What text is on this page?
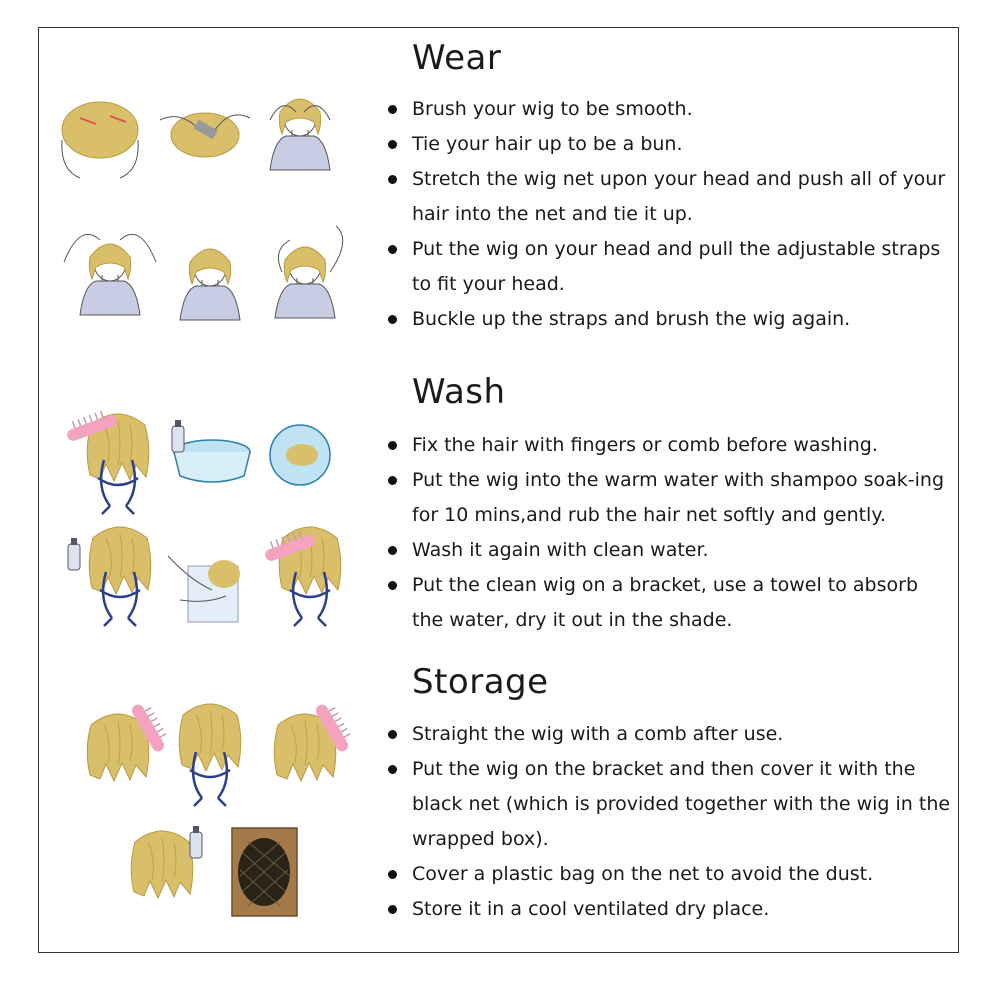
Wear
Brush your wig to be smooth.
Tie your hair up to be a bun.
Stretch the wig net upon your head and push all of your hair into the net and tie it up.
Put the wig on your head and pull the adjustable straps to fit your head.
Buckle up the straps and brush the wig again.
Wash
Fix the hair with fingers or comb before washing.
Put the wig into the warm water with shampoo soak-ing for 10 mins,and rub the hair net softly and gently.
Wash it again with clean water.
Put the clean wig on a bracket, use a towel to absorb the water, dry it out in the shade.
Storage
Straight the wig with a comb after use.
Put the wig on the bracket and then cover it with the black net (which is provided together with the wig in the wrapped box).
Cover a plastic bag on the net to avoid the dust.
Store it in a cool ventilated dry place.
